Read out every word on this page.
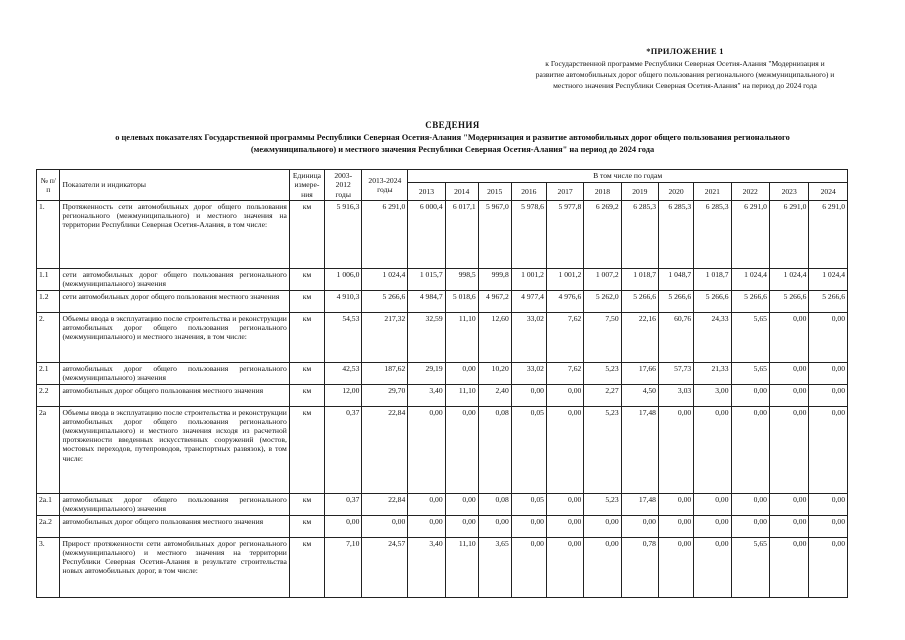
*ПРИЛОЖЕНИЕ 1
к Государственной программе Республики Северная Осетия-Алания "Модернизация и
развитие автомобильных дорог общего пользования регионального (межмуниципального) и
местного значения Республики Северная Осетия-Алания" на период до 2024 года
СВЕДЕНИЯ
о целевых показателях Государственной программы Республики Северная Осетия-Алания "Модернизация и развитие автомобильных дорог общего пользования регионального
(межмуниципального) и местного значения Республики Северная Осетия-Алания" на период до 2024 года
№ п/п	Показатели и индикаторы	Единица измере-ния	2003-2012 годы	2013-2024 годы	В том числе по годам											
					2013	2014	2015	2016	2017	2018	2019	2020	2021	2022	2023	2024
1.	Протяженность сети автомобильных дорог общего пользования регионального (межмуниципального) и местного значения на территории Республики Северная Осетия-Алания, в том числе:	км	5 916,3	6 291,0	6 000,4	6 017,1	5 967,0	5 978,6	5 977,8	6 269,2	6 285,3	6 285,3	6 285,3	6 291,0	6 291,0	6 291,0
1.1	сети автомобильных дорог общего пользования регионального (межмуниципального) значения	км	1 006,0	1 024,4	1 015,7	998,5	999,8	1 001,2	1 001,2	1 007,2	1 018,7	1 048,7	1 018,7	1 024,4	1 024,4	1 024,4
1.2	сети автомобильных дорог общего пользования местного значения	км	4 910,3	5 266,6	4 984,7	5 018,6	4 967,2	4 977,4	4 976,6	5 262,0	5 266,6	5 266,6	5 266,6	5 266,6	5 266,6	5 266,6
2.	Объемы ввода в эксплуатацию после строительства и реконструкции автомобильных дорог общего пользования регионального (межмуниципального) и местного значения, в том числе:	км	54,53	217,32	32,59	11,10	12,60	33,02	7,62	7,50	22,16	60,76	24,33	5,65	0,00	0,00
2.1	автомобильных дорог общего пользования регионального (межмуниципального) значения	км	42,53	187,62	29,19	0,00	10,20	33,02	7,62	5,23	17,66	57,73	21,33	5,65	0,00	0,00
2.2	автомобильных дорог общего пользования местного значения	км	12,00	29,70	3,40	11,10	2,40	0,00	0,00	2,27	4,50	3,03	3,00	0,00	0,00	0,00
2а	Объемы ввода в эксплуатацию после строительства и реконструкции автомобильных дорог общего пользования регионального (межмуниципального) и местного значения исходя из расчетной протяженности введенных искусственных сооружений (мостов, мостовых переходов, путепроводов, транспортных развязок), в том числе:	км	0,37	22,84	0,00	0,00	0,08	0,05	0,00	5,23	17,48	0,00	0,00	0,00	0,00	0,00
2а.1	автомобильных дорог общего пользования регионального (межмуниципального) значения	км	0,37	22,84	0,00	0,00	0,08	0,05	0,00	5,23	17,48	0,00	0,00	0,00	0,00	0,00
2а.2	автомобильных дорог общего пользования местного значения	км	0,00	0,00	0,00	0,00	0,00	0,00	0,00	0,00	0,00	0,00	0,00	0,00	0,00	0,00
3.	Прирост протяженности сети автомобильных дорог регионального (межмуниципального) и местного значения на территории Республики Северная Осетия-Алания в результате строительства новых автомобильных дорог, в том числе:	км	7,10	24,57	3,40	11,10	3,65	0,00	0,00	0,00	0,78	0,00	0,00	5,65	0,00	0,00
